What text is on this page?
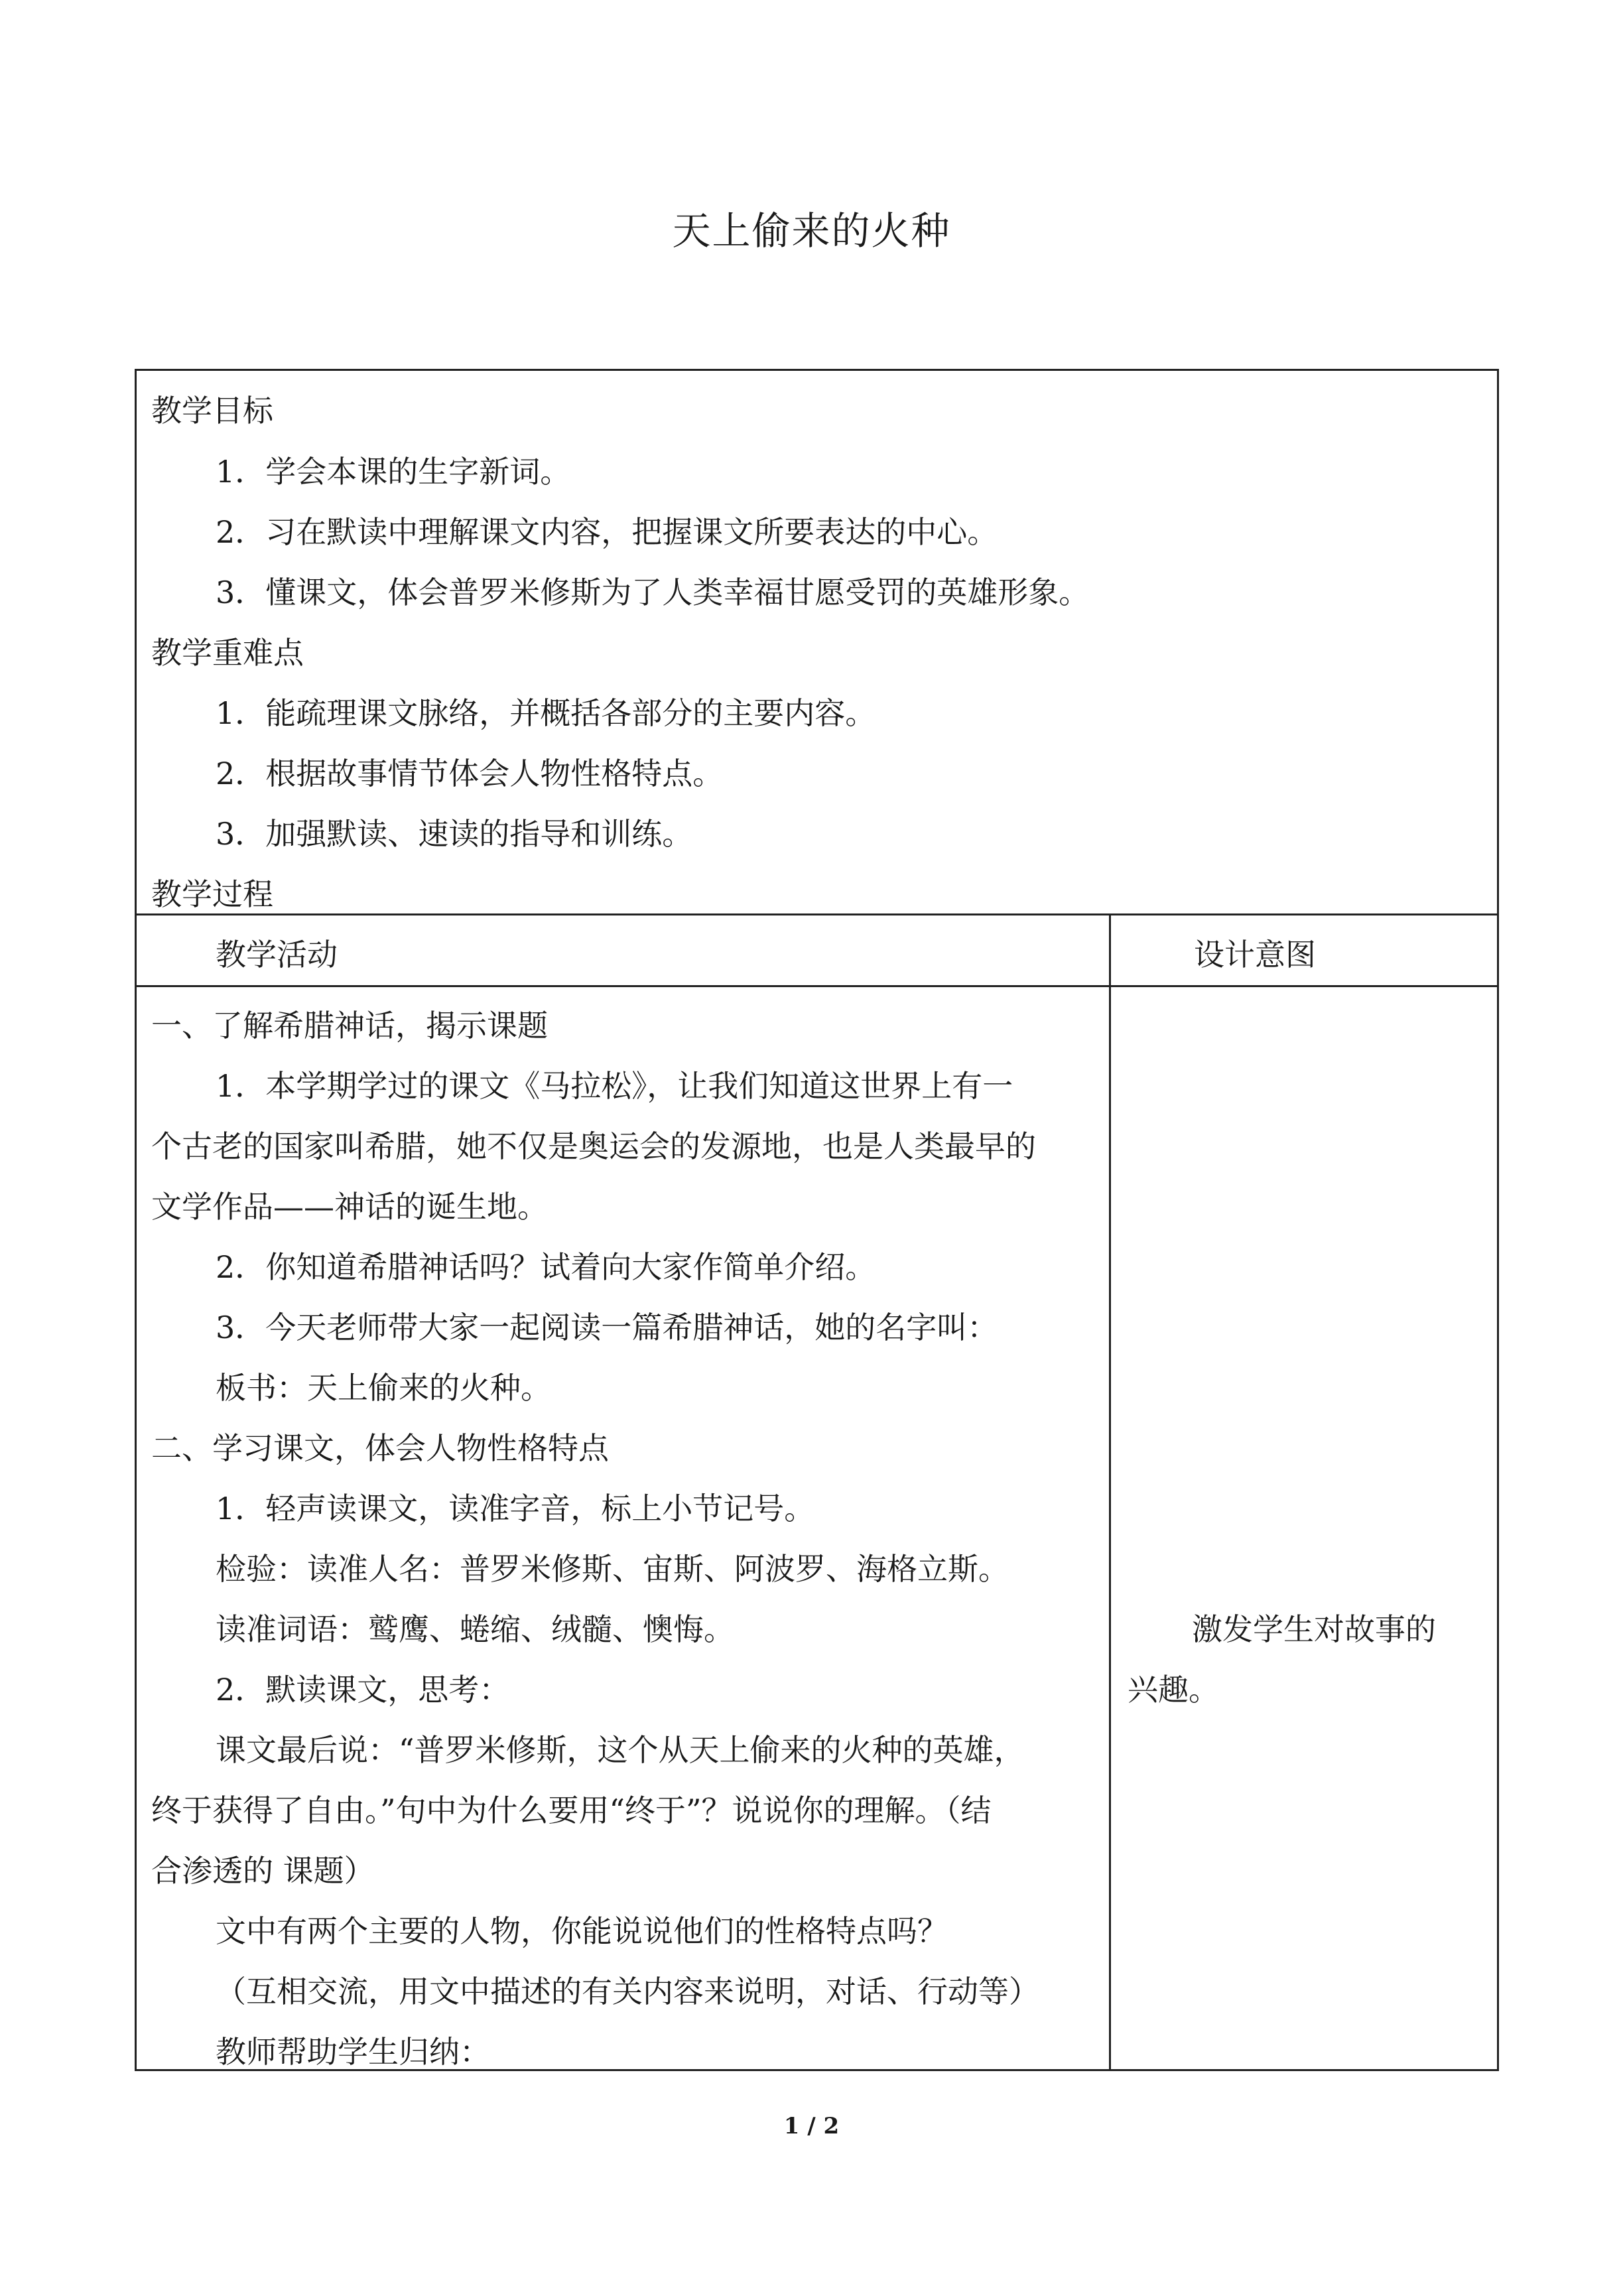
天上偷来的火种
教学目标
1．学会本课的生字新词。
2．习在默读中理解课文内容，把握课文所要表达的中心。
3．懂课文，体会普罗米修斯为了人类幸福甘愿受罚的英雄形象。
教学重难点
1．能疏理课文脉络，并概括各部分的主要内容。
2．根据故事情节体会人物性格特点。
3．加强默读、速读的指导和训练。
教学过程
教学活动	设计意图
一、了解希腊神话，揭示课题
1．本学期学过的课文《马拉松》，让我们知道这世界上有一
个古老的国家叫希腊，她不仅是奥运会的发源地，也是人类最早的
文学作品——神话的诞生地。
2．你知道希腊神话吗？试着向大家作简单介绍。
3．今天老师带大家一起阅读一篇希腊神话，她的名字叫：
板书：天上偷来的火种。
二、学习课文，体会人物性格特点
1．轻声读课文，读准字音，标上小节记号。
检验：读准人名：普罗米修斯、宙斯、阿波罗、海格立斯。
读准词语：鹫鹰、蜷缩、绒髓、懊悔。
2．默读课文，思考：
课文最后说：“普罗米修斯，这个从天上偷来的火种的英雄，
终于获得了自由。”句中为什么要用“终于”？说说你的理解。（结
合渗透的 课题）
文中有两个主要的人物，你能说说他们的性格特点吗？
（互相交流，用文中描述的有关内容来说明，对话、行动等）
教师帮助学生归纳：
激发学生对故事的
兴趣。
1 / 2
